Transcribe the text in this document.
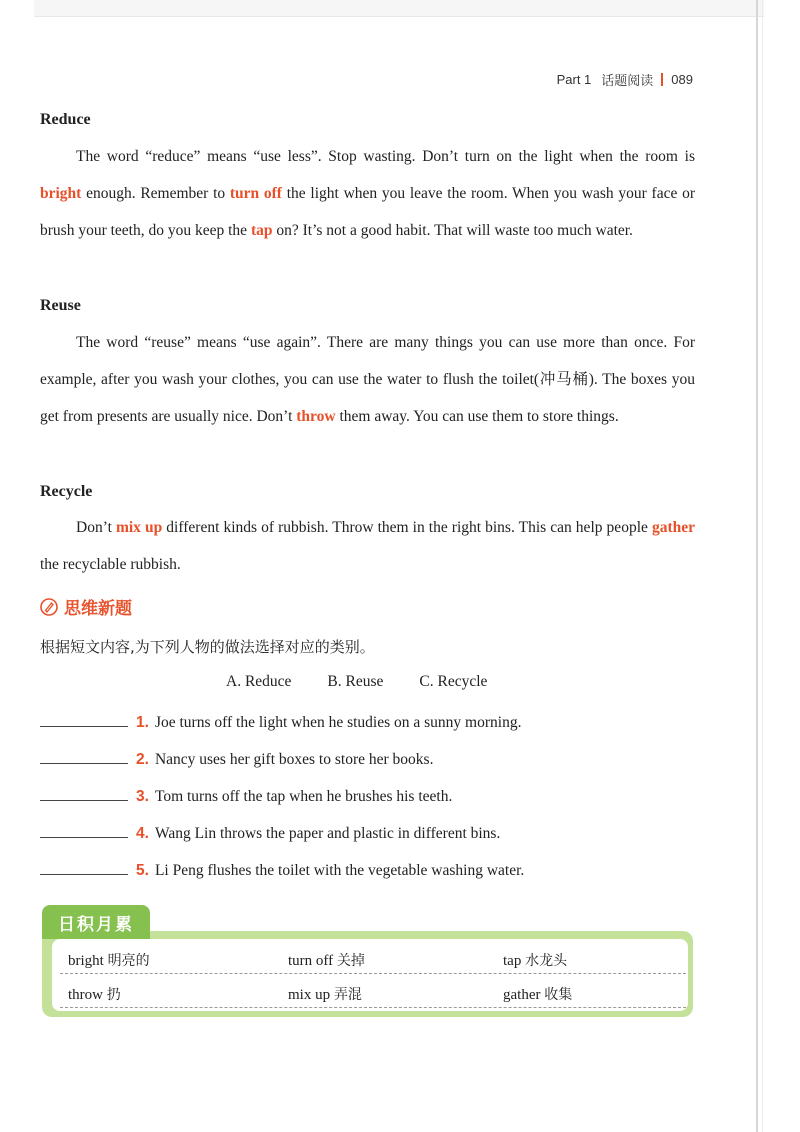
Part 1 话题阅读 089
Reduce

The word “reduce” means “use less”. Stop wasting. Don’t turn on the light when the room is bright enough. Remember to turn off the light when you leave the room. When you wash your face or brush your teeth, do you keep the tap on? It’s not a good habit. That will waste too much water.

Reuse

The word “reuse” means “use again”. There are many things you can use more than once. For example, after you wash your clothes, you can use the water to flush the toilet(冲马桶). The boxes you get from presents are usually nice. Don’t throw them away. You can use them to store things.

Recycle

Don’t mix up different kinds of rubbish. Throw them in the right bins. This can help people gather the recyclable rubbish.

思维新题
根据短文内容,为下列人物的做法选择对应的类别。
A. Reduce B. Reuse C. Recycle
1. Joe turns off the light when he studies on a sunny morning.
2. Nancy uses her gift boxes to store her books.
3. Tom turns off the tap when he brushes his teeth.
4. Wang Lin throws the paper and plastic in different bins.
5. Li Peng flushes the toilet with the vegetable washing water.
日积月累
bright 明亮的	turn off 关掉	tap 水龙头
throw 扔	mix up 弄混	gather 收集
